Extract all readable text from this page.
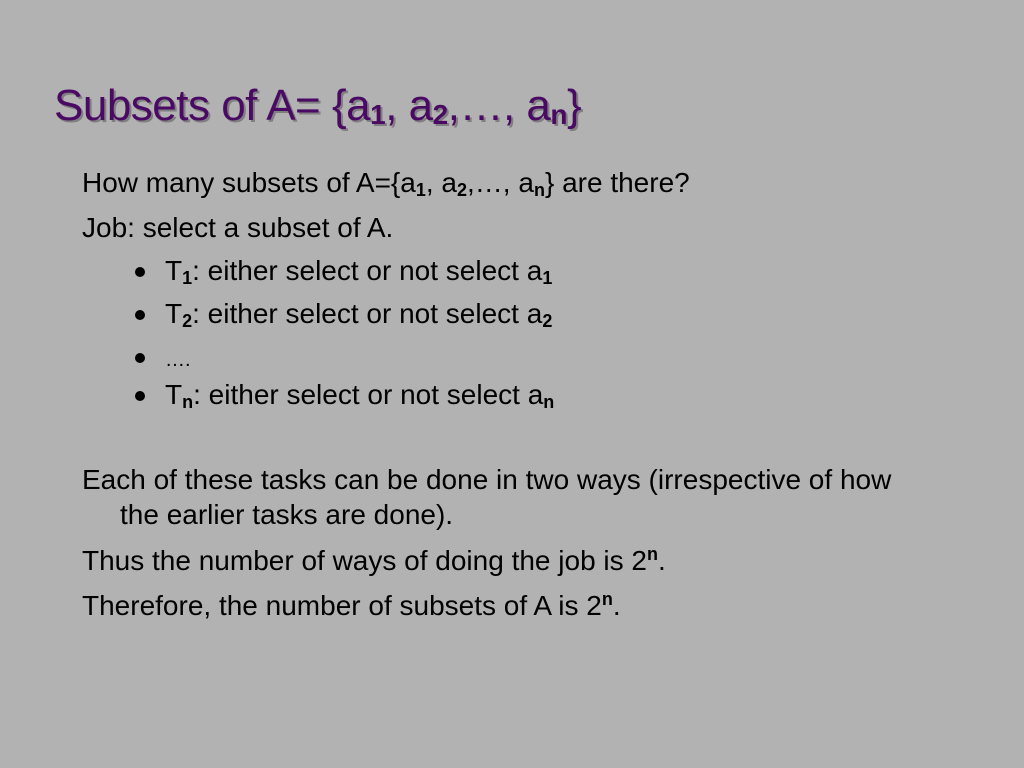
Subsets of $A= \{a_1$, $a_2,\dots$, $a_n$}
How many subsets of $A=\{a_1$, $a_2,\dots$, $a_n$} are there?
Job: select a subset of A.
$T_1$: either select or not select $a_1$
$T_2$: either select or not select $a_2$
….
$T_n$: either select or not select $a_n$
Each of these tasks can be done in two ways (irrespective of how the earlier tasks are done).
Thus the number of ways of doing the job is 2$^n$.
Therefore, the number of subsets of A is 2$^n$.
